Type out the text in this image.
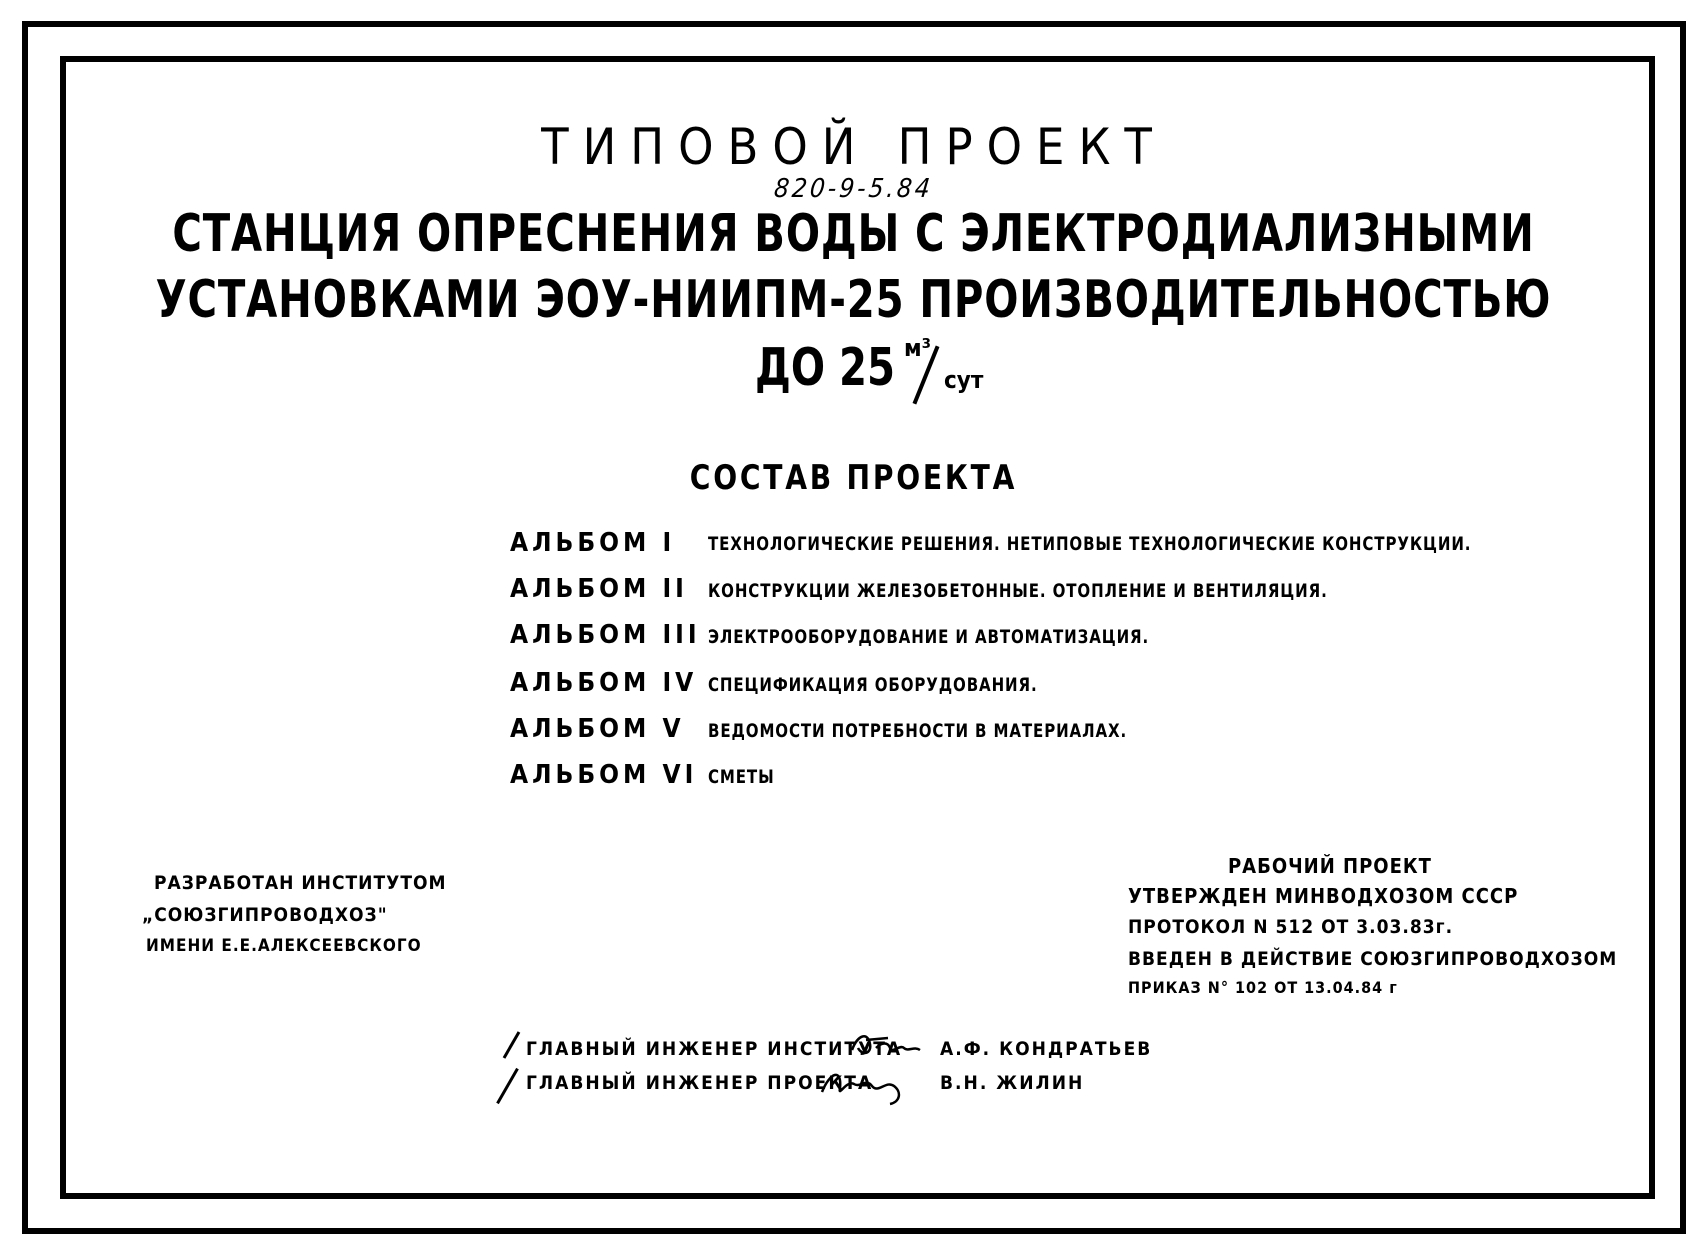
ТИПОВОЙ ПРОЕКТ
820-9-5.84
СТАНЦИЯ ОПРЕСНЕНИЯ ВОДЫ С ЭЛЕКТРОДИАЛИЗНЫМИ
УСТАНОВКАМИ ЭОУ-НИИПМ-25 ПРОИЗВОДИТЕЛЬНОСТЬЮ
ДО 25 м³
сут
СОСТАВ ПРОЕКТА
АЛЬБОМ I ТЕХНОЛОГИЧЕСКИЕ РЕШЕНИЯ. НЕТИПОВЫЕ ТЕХНОЛОГИЧЕСКИЕ КОНСТРУКЦИИ.
АЛЬБОМ II КОНСТРУКЦИИ ЖЕЛЕЗОБЕТОННЫЕ. ОТОПЛЕНИЕ И ВЕНТИЛЯЦИЯ.
АЛЬБОМ III ЭЛЕКТРООБОРУДОВАНИЕ И АВТОМАТИЗАЦИЯ.
АЛЬБОМ IV СПЕЦИФИКАЦИЯ ОБОРУДОВАНИЯ.
АЛЬБОМ V ВЕДОМОСТИ ПОТРЕБНОСТИ В МАТЕРИАЛАХ.
АЛЬБОМ VI СМЕТЫ
РАЗРАБОТАН ИНСТИТУТОМ
„СОЮЗГИПРОВОДХОЗ"
ИМЕНИ Е.Е.АЛЕКСЕЕВСКОГО
РАБОЧИЙ ПРОЕКТ
УТВЕРЖДЕН МИНВОДХОЗОМ СССР
ПРОТОКОЛ N 512 ОТ 3.03.83г.
ВВЕДЕН В ДЕЙСТВИЕ СОЮЗГИПРОВОДХОЗОМ
ПРИКАЗ N° 102 ОТ 13.04.84 г
ГЛАВНЫЙ ИНЖЕНЕР ИНСТИТУТА А.Ф. КОНДРАТЬЕВ
ГЛАВНЫЙ ИНЖЕНЕР ПРОЕКТА	В.Н. ЖИЛИН
